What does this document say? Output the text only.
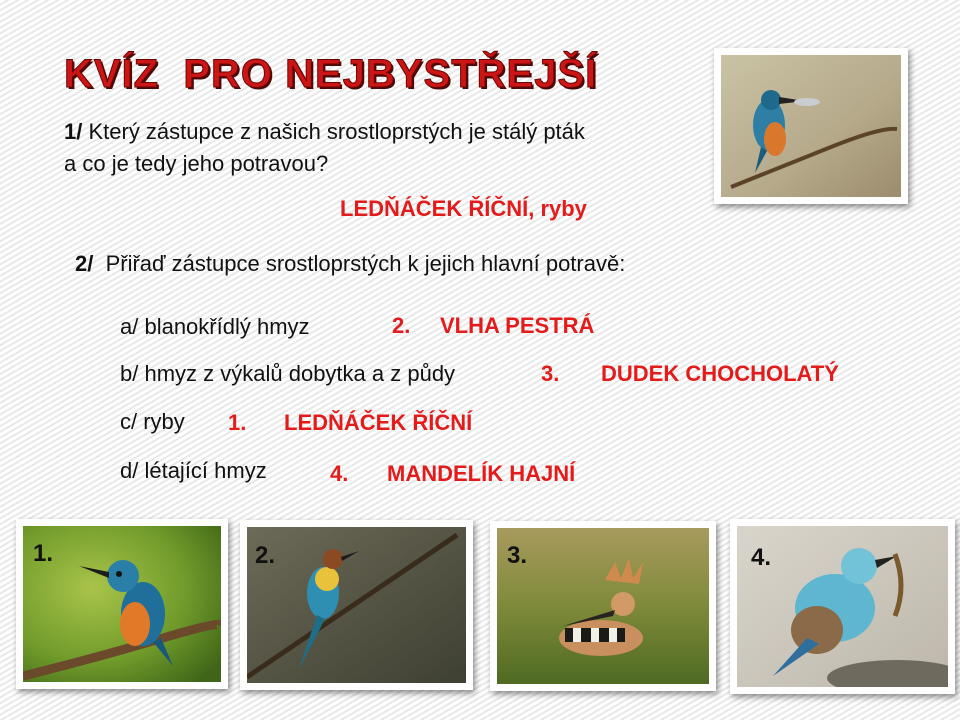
KVÍZ  PRO NEJBYSTŘEJŠÍ
1/ Který zástupce z našich srostloprstých je stálý pták
a co je tedy jeho potravou?
LEDŇÁČEK ŘÍČNÍ, ryby
2/  Přiřaď zástupce srostloprstých k jejich hlavní potravě:
a/ blanokřídlý hmyz	2. VLHA PESTRÁ
b/ hmyz z výkalů dobytka a z půdy	3. DUDEK CHOCHOLATÝ
c/ ryby 1. LEDŇÁČEK ŘÍČNÍ
d/ létající hmyz	4. MANDELÍK HAJNÍ
1.	2.	3.	4.
